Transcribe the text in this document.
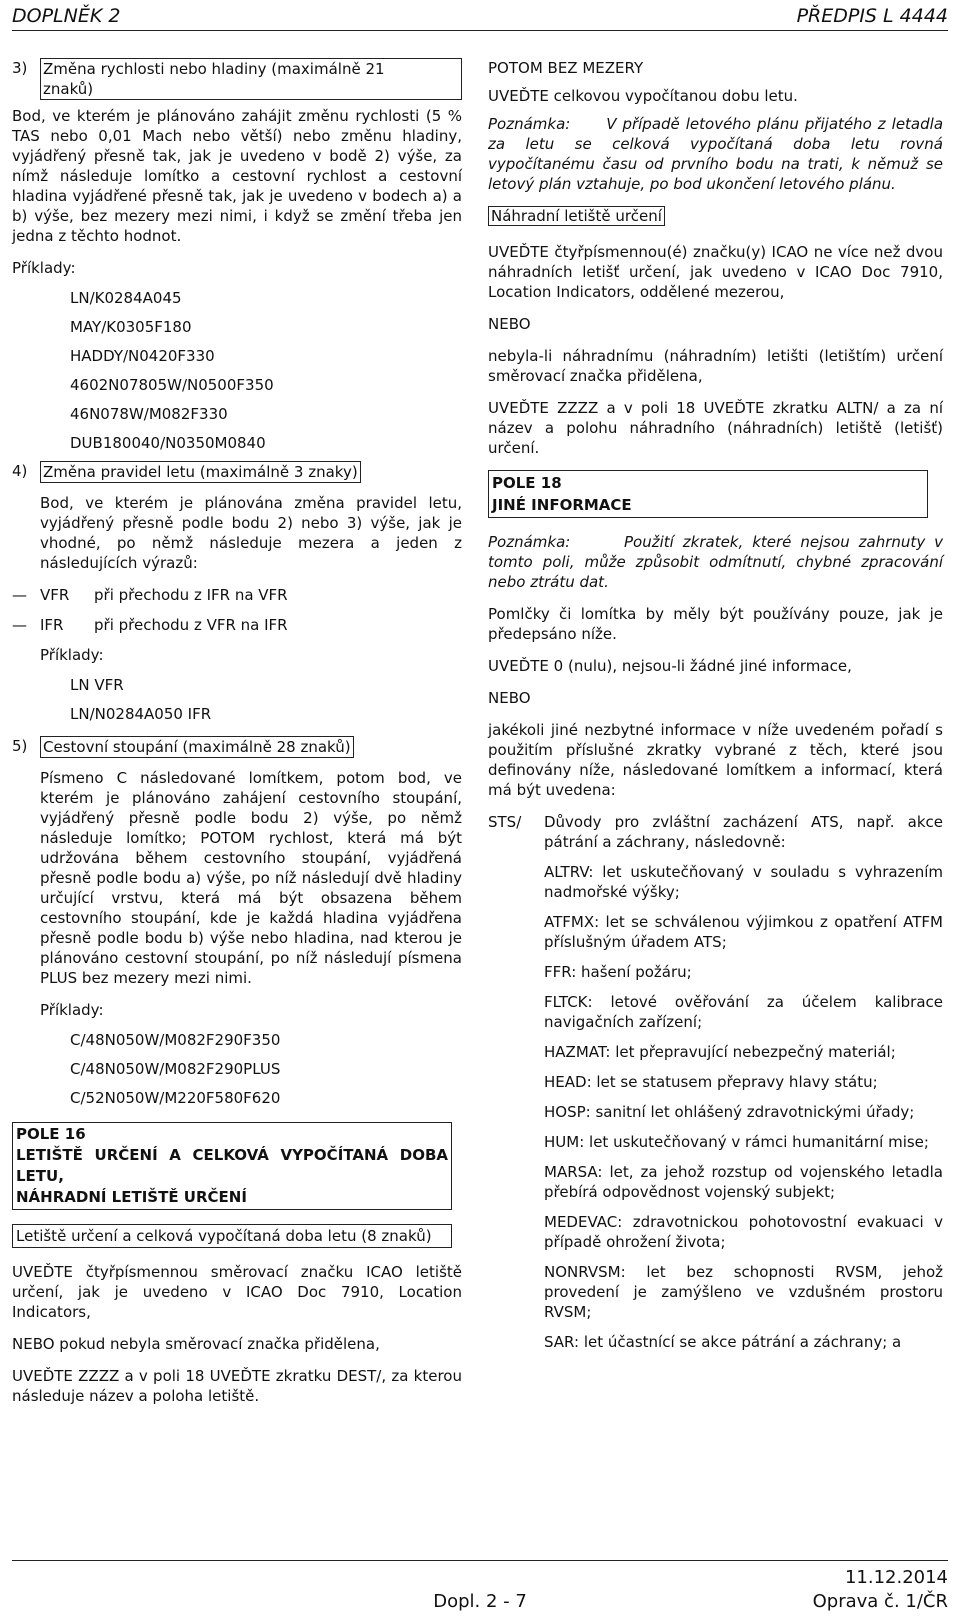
DOPLNĚK 2	PŘEDPIS L 4444
3)	Změna rychlosti nebo hladiny (maximálně 21
znaků)

Bod, ve kterém je plánováno zahájit změnu rychlosti (5 % TAS nebo 0,01 Mach nebo větší) nebo změnu hladiny, vyjádřený přesně tak, jak je uvedeno v bodě 2) výše, za nímž následuje lomítko a cestovní rychlost a cestovní hladina vyjádřené přesně tak, jak je uvedeno v bodech a) a b) výše, bez mezery mezi nimi, i když se změní třeba jen jedna z těchto hodnot.

Příklady:

LN/K0284A045

MAY/K0305F180

HADDY/N0420F330

4602N07805W/N0500F350

46N078W/M082F330

DUB180040/N0350M0840

4)	Změna pravidel letu (maximálně 3 znaky)

Bod, ve kterém je plánována změna pravidel letu, vyjádřený přesně podle bodu 2) nebo 3) výše, jak je vhodné, po němž následuje mezera a jeden z následujících výrazů:

— VFR	při přechodu z IFR na VFR
— IFR	při přechodu z VFR na IFR

Příklady:

LN VFR

LN/N0284A050 IFR

5)	Cestovní stoupání (maximálně 28 znaků)

Písmeno C následované lomítkem, potom bod, ve kterém je plánováno zahájení cestovního stoupání, vyjádřený přesně podle bodu 2) výše, po němž následuje lomítko; POTOM rychlost, která má být udržována během cestovního stoupání, vyjádřená přesně podle bodu a) výše, po níž následují dvě hladiny určující vrstvu, která má být obsazena během cestovního stoupání, kde je každá hladina vyjádřena přesně podle bodu b) výše nebo hladina, nad kterou je plánováno cestovní stoupání, po níž následují písmena PLUS bez mezery mezi nimi.

Příklady:

C/48N050W/M082F290F350

C/48N050W/M082F290PLUS

C/52N050W/M220F580F620

POLE 16
LETIŠTĚ URČENÍ A CELKOVÁ VYPOČÍTANÁ DOBA LETU,
NÁHRADNÍ LETIŠTĚ URČENÍ
Letiště určení a celková vypočítaná doba letu (8 znaků)

UVEĎTE čtyřpísmennou směrovací značku ICAO letiště určení, jak je uvedeno v ICAO Doc 7910, Location Indicators,

NEBO pokud nebyla směrovací značka přidělena,

UVEĎTE ZZZZ a v poli 18 UVEĎTE zkratku DEST/, za kterou následuje název a poloha letiště.

POTOM BEZ MEZERY

UVEĎTE celkovou vypočítanou dobu letu.

Poznámka: V případě letového plánu přijatého z letadla za letu se celková vypočítaná doba letu rovná vypočítanému času od prvního bodu na trati, k němuž se letový plán vztahuje, po bod ukončení letového plánu.

Náhradní letiště určení

UVEĎTE čtyřpísmennou(é) značku(y) ICAO ne více než dvou náhradních letišť určení, jak uvedeno v ICAO Doc 7910, Location Indicators, oddělené mezerou,

NEBO

nebyla-li náhradnímu (náhradním) letišti (letištím) určení směrovací značka přidělena,

UVEĎTE ZZZZ a v poli 18 UVEĎTE zkratku ALTN/ a za ní název a polohu náhradního (náhradních) letiště (letišť) určení.

POLE 18
JINÉ INFORMACE

Poznámka:	Použití zkratek, které nejsou zahrnuty v tomto poli, může způsobit odmítnutí, chybné zpracování nebo ztrátu dat.

Pomlčky či lomítka by měly být používány pouze, jak je předepsáno níže.

UVEĎTE 0 (nulu), nejsou-li žádné jiné informace,

NEBO

jakékoli jiné nezbytné informace v níže uvedeném pořadí s použitím příslušné zkratky vybrané z těch, které jsou definovány níže, následované lomítkem a informací, která má být uvedena:

STS/	Důvody pro zvláštní zacházení ATS, např. akce pátrání a záchrany, následovně:

ALTRV: let uskutečňovaný v souladu s vyhrazením nadmořské výšky;

ATFMX: let se schválenou výjimkou z opatření ATFM příslušným úřadem ATS;

FFR: hašení požáru;

FLTCK: letové ověřování za účelem kalibrace navigačních zařízení;

HAZMAT: let přepravující nebezpečný materiál;

HEAD: let se statusem přepravy hlavy státu;

HOSP: sanitní let ohlášený zdravotnickými úřady;

HUM: let uskutečňovaný v rámci humanitární mise;

MARSA: let, za jehož rozstup od vojenského letadla přebírá odpovědnost vojenský subjekt;

MEDEVAC: zdravotnickou pohotovostní evakuaci v případě ohrožení života;

NONRVSM: let bez schopnosti RVSM, jehož provedení je zamýšleno ve vzdušném prostoru RVSM;

SAR: let účastnící se akce pátrání a záchrany; a

Dopl. 2 - 7
11.12.2014
Oprava č. 1/ČR
